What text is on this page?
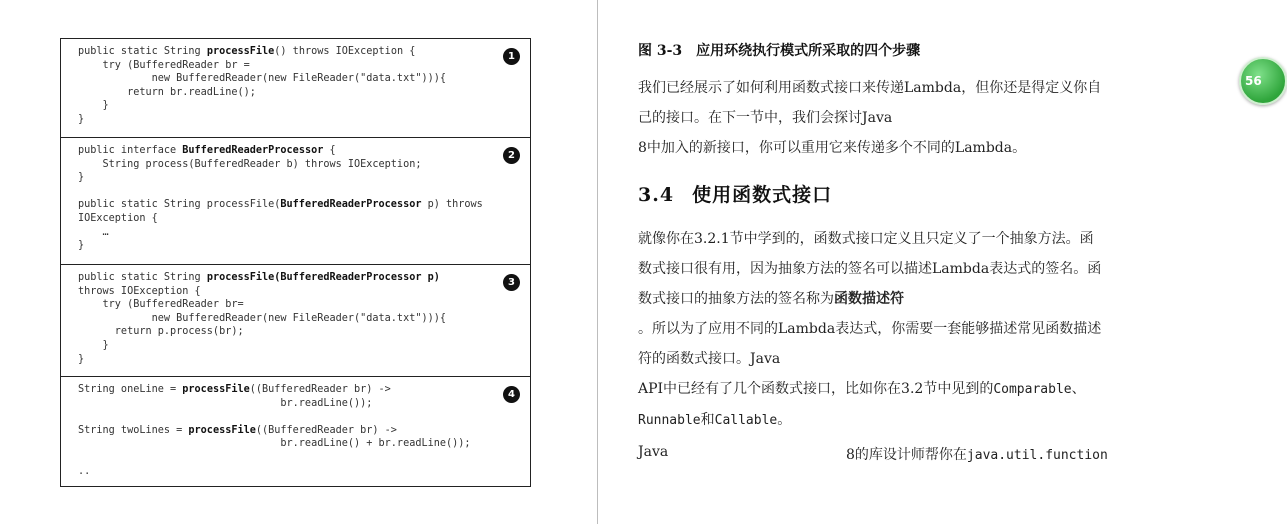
public static String processFile() throws IOException {
try (BufferedReader br =
new BufferedReader(new FileReader("data.txt"))){
return br.readLine();
}
}
1
public interface BufferedReaderProcessor {
String process(BufferedReader b) throws IOException;
}
public static String processFile(BufferedReaderProcessor p) throws
IOException {
…
}
2
public static String processFile(BufferedReaderProcessor p)
throws IOException {
try (BufferedReader br=
new BufferedReader(new FileReader("data.txt"))){
return p.process(br);
}
}
3
String oneLine = processFile((BufferedReader br) ->
br.readLine());
String twoLines = processFile((BufferedReader br) ->
br.readLine() + br.readLine());
..
4
图 3-3 应用环绕执行模式所采取的四个步骤
我们已经展示了如何利用函数式接口来传递Lambda，但你还是得定义你自
己的接口。在下一节中，我们会探讨Java
8中加入的新接口，你可以重用它来传递多个不同的Lambda。
3.4 使用函数式接口
就像你在3.2.1节中学到的，函数式接口定义且只定义了一个抽象方法。函
数式接口很有用，因为抽象方法的签名可以描述Lambda表达式的签名。函
数式接口的抽象方法的签名称为函数描述符
。所以为了应用不同的Lambda表达式，你需要一套能够描述常见函数描述
符的函数式接口。Java
API中已经有了几个函数式接口，比如你在3.2节中见到的Comparable、
Runnable和Callable。
Java	8的库设计师帮你在java.util.function
56
